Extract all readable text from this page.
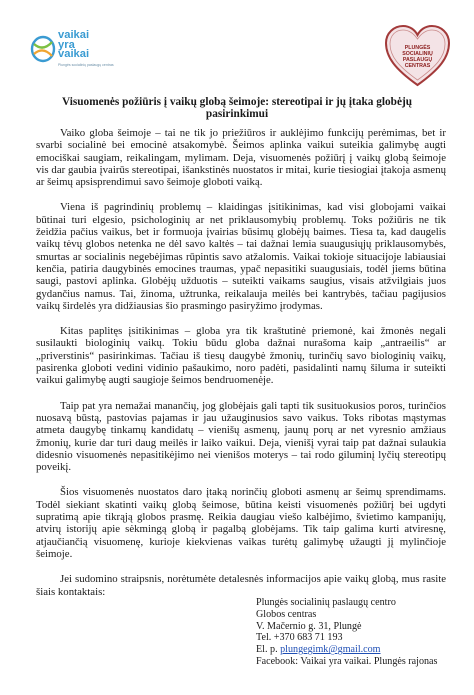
vaikai
yra
vaikai
Plungės socialinių paslaugų centras
PLUNGĖS
SOCIALINIŲ
PASLAUGŲ
CENTRAS
Visuomenės požiūris į vaikų globą šeimoje: stereotipai ir jų įtaka globėjų pasirinkimui

Vaiko globa šeimoje – tai ne tik jo priežiūros ir auklėjimo funkcijų perėmimas, bet ir svarbi socialinė bei emocinė atsakomybė. Šeimos aplinka vaikui suteikia galimybę augti emociškai saugiam, reikalingam, mylimam. Deja, visuomenės požiūrį į vaikų globą šeimoje vis dar gaubia įvairūs stereotipai, išankstinės nuostatos ir mitai, kurie tiesiogiai įtakoja asmenų ar šeimų apsisprendimui savo šeimoje globoti vaiką.

Viena iš pagrindinių problemų – klaidingas įsitikinimas, kad visi globojami vaikai būtinai turi elgesio, psichologinių ar net priklausomybių problemų. Toks požiūris ne tik žeidžia pačius vaikus, bet ir formuoja įvairias būsimų globėjų baimes. Tiesa ta, kad daugelis vaikų tėvų globos netenka ne dėl savo kaltės – tai dažnai lemia suaugusiųjų priklausomybės, smurtas ar socialinis negebėjimas rūpintis savo atžalomis. Vaikai tokioje situacijoje labiausiai kenčia, patiria daugybinės emocines traumas, ypač nepasitiki suaugusiais, todėl jiems būtina saugi, pastovi aplinka. Globėjų užduotis – suteikti vaikams saugius, visais atžvilgiais juos gydančius namus. Tai, žinoma, užtrunka, reikalauja meilės bei kantrybės, tačiau pagijusios vaikų širdelės yra didžiausias šio prasmingo pasiryžimo įrodymas.

Kitas paplitęs įsitikinimas – globa yra tik kraštutinė priemonė, kai žmonės negali susilaukti biologinių vaikų. Tokiu būdu globa dažnai nurašoma kaip „antraeilis“ ar „priverstinis“ pasirinkimas. Tačiau iš tiesų daugybė žmonių, turinčių savo biologinių vaikų, pasirenka globoti vedini vidinio pašaukimo, noro padėti, pasidalinti namų šiluma ir suteikti vaikui galimybę augti saugioje šeimos bendruomenėje.

Taip pat yra nemažai manančių, jog globėjais gali tapti tik susituokusios poros, turinčios nuosavą būstą, pastovias pajamas ir jau užauginusios savo vaikus. Toks ribotas mąstymas atmeta daugybę tinkamų kandidatų – vienišų asmenų, jaunų porų ar net vyresnio amžiaus žmonių, kurie dar turi daug meilės ir laiko vaikui. Deja, vienišį vyrai taip pat dažnai sulaukia didesnio visuomenės nepasitikėjimo nei vienišos moterys – tai rodo giluminį lyčių stereotipų poveikį.

Šios visuomenės nuostatos daro įtaką norinčių globoti asmenų ar šeimų sprendimams. Todėl siekiant skatinti vaikų globą šeimose, būtina keisti visuomenės požiūrį bei ugdyti supratimą apie tikrąją globos prasmę. Reikia daugiau viešo kalbėjimo, švietimo kampanijų, atvirų istorijų apie sėkmingą globą ir pagalbą globėjams. Tik taip galima kurti atviresnę, atjaučiančią visuomenę, kurioje kiekvienas vaikas turėtų galimybę užaugti jį mylinčioje šeimoje.

Jei sudomino straipsnis, norėtumėte detalesnės informacijos apie vaikų globą, mus rasite šiais kontaktais:

Plungės socialinių paslaugų centro
Globos centras
V. Mačernio g. 31, Plungė
Tel. +370 683 71 193
El. p. plungegimk@gmail.com
Facebook: Vaikai yra vaikai. Plungės rajonas
